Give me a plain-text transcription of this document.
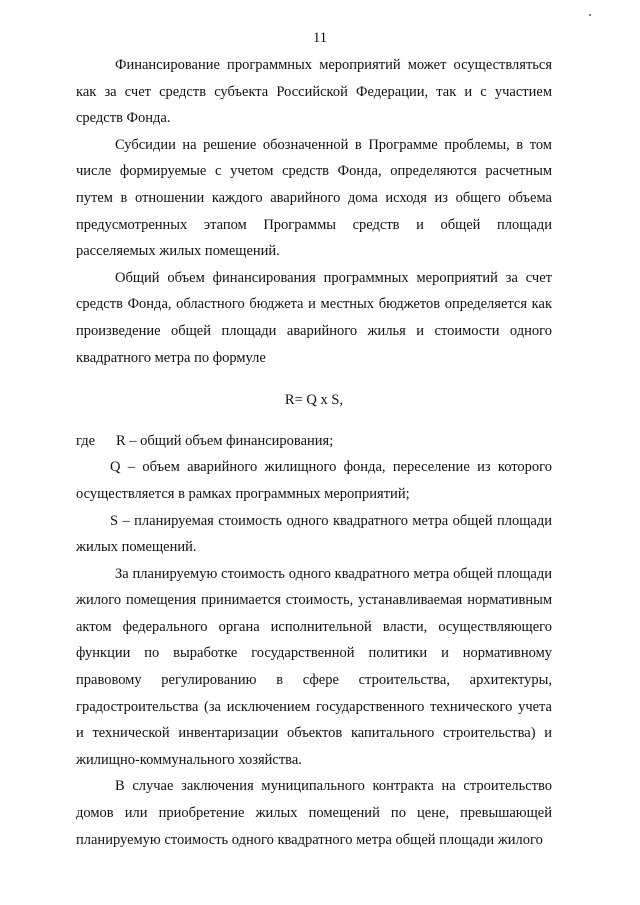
11

Финансирование программных мероприятий может осуществляться как за счет средств субъекта Российской Федерации, так и с участием средств Фонда.

Субсидии на решение обозначенной в Программе проблемы, в том числе формируемые с учетом средств Фонда, определяются расчетным путем в отношении каждого аварийного дома исходя из общего объема предусмотренных этапом Программы средств и общей площади расселяемых жилых помещений.

Общий объем финансирования программных мероприятий за счет средств Фонда, областного бюджета и местных бюджетов определяется как произведение общей площади аварийного жилья и стоимости одного квадратного метра по формуле

R= Q x S,

где R – общий объем финансирования;

Q – объем аварийного жилищного фонда, переселение из которого осуществляется в рамках программных мероприятий;

S – планируемая стоимость одного квадратного метра общей площади жилых помещений.

За планируемую стоимость одного квадратного метра общей площади жилого помещения принимается стоимость, устанавливаемая нормативным актом федерального органа исполнительной власти, осуществляющего функции по выработке государственной политики и нормативному правовому регулированию в сфере строительства, архитектуры, градостроительства (за исключением государственного технического учета и технической инвентаризации объектов капитального строительства) и жилищно-коммунального хозяйства.

В случае заключения муниципального контракта на строительство домов или приобретение жилых помещений по цене, превышающей планируемую стоимость одного квадратного метра общей площади жилого
